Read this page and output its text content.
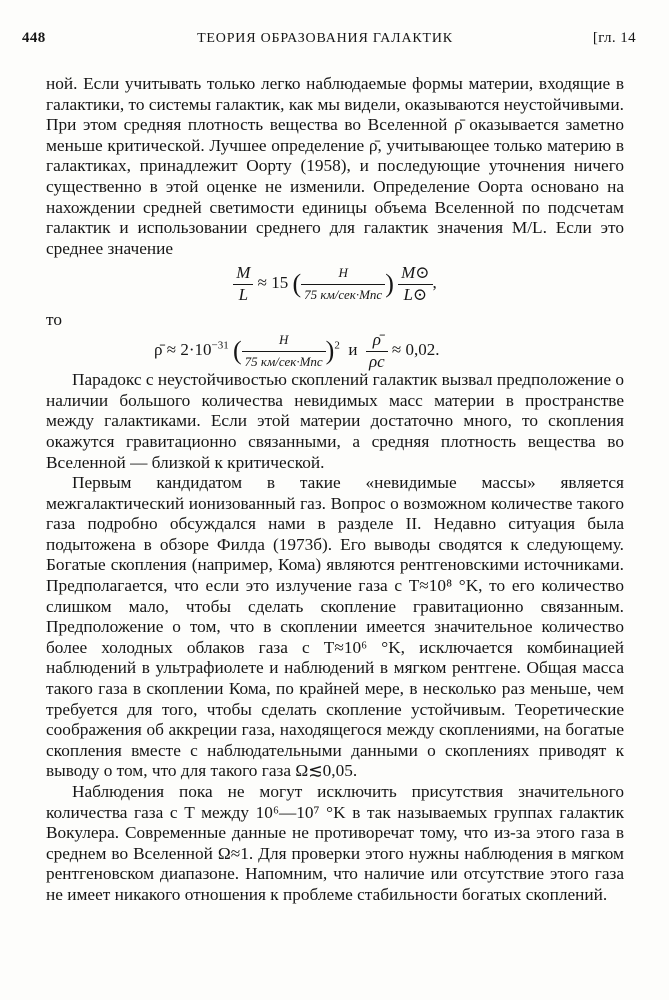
448	ТЕОРИЯ ОБРАЗОВАНИЯ ГАЛАКТИК	[гл. 14

ной. Если учитывать только легко наблюдаемые формы материи, входящие в галактики, то системы галактик, как мы видели, оказываются неустойчивыми. При этом средняя плотность вещества во Вселенной ρ̄ оказывается заметно меньше критической. Лучшее определение ρ̄, учитывающее только материю в галактиках, принадлежит Оорту (1958), и последующие уточнения ничего существенно в этой оценке не изменили. Определение Оорта основано на нахождении средней светимости единицы объема Вселенной по подсчетам галактик и использовании среднего для галактик значения M/L. Если это среднее значение

$\frac{M}{L} \approx 15$ ( $\frac{H}{\text{75 км/сек·Мпс}}$ ) $\frac{M⊙}{L⊙}$ ,

то

ρ̄ ≈ $2\cdot 10^{-31}$ ( $\frac{H}{\text{75 км/сек·Мпс}} )^2$ и $\frac{\rhō}{\rho c} \approx 0,02$.

Парадокс с неустойчивостью скоплений галактик вызвал предположение о наличии большого количества невидимых масс материи в пространстве между галактиками. Если этой материи достаточно много, то скопления окажутся гравитационно связанными, а средняя плотность вещества во Вселенной — близкой к критической.

Первым кандидатом в такие «невидимые массы» является межгалактический ионизованный газ. Вопрос о возможном количестве такого газа подробно обсуждался нами в разделе II. Недавно ситуация была подытожена в обзоре Филда (1973б). Его выводы сводятся к следующему. Богатые скопления (например, Кома) являются рентгеновскими источниками. Предполагается, что если это излучение газа с T≈10⁸ °K, то его количество слишком мало, чтобы сделать скопление гравитационно связанным. Предположение о том, что в скоплении имеется значительное количество более холодных облаков газа с T≈10⁶ °K, исключается комбинацией наблюдений в ультрафиолете и наблюдений в мягком рентгене. Общая масса такого газа в скоплении Кома, по крайней мере, в несколько раз меньше, чем требуется для того, чтобы сделать скопление устойчивым. Теоретические соображения об аккреции газа, находящегося между скоплениями, на богатые скопления вместе с наблюдательными данными о скоплениях приводят к выводу о том, что для такого газа Ω≲0,05.

Наблюдения пока не могут исключить присутствия значительного количества газа с T между 10⁶—10⁷ °K в так называемых группах галактик Вокулера. Современные данные не противоречат тому, что из-за этого газа в среднем во Вселенной Ω≈1. Для проверки этого нужны наблюдения в мягком рентгеновском диапазоне. Напомним, что наличие или отсутствие этого газа не имеет никакого отношения к проблеме стабильности богатых скоплений.
